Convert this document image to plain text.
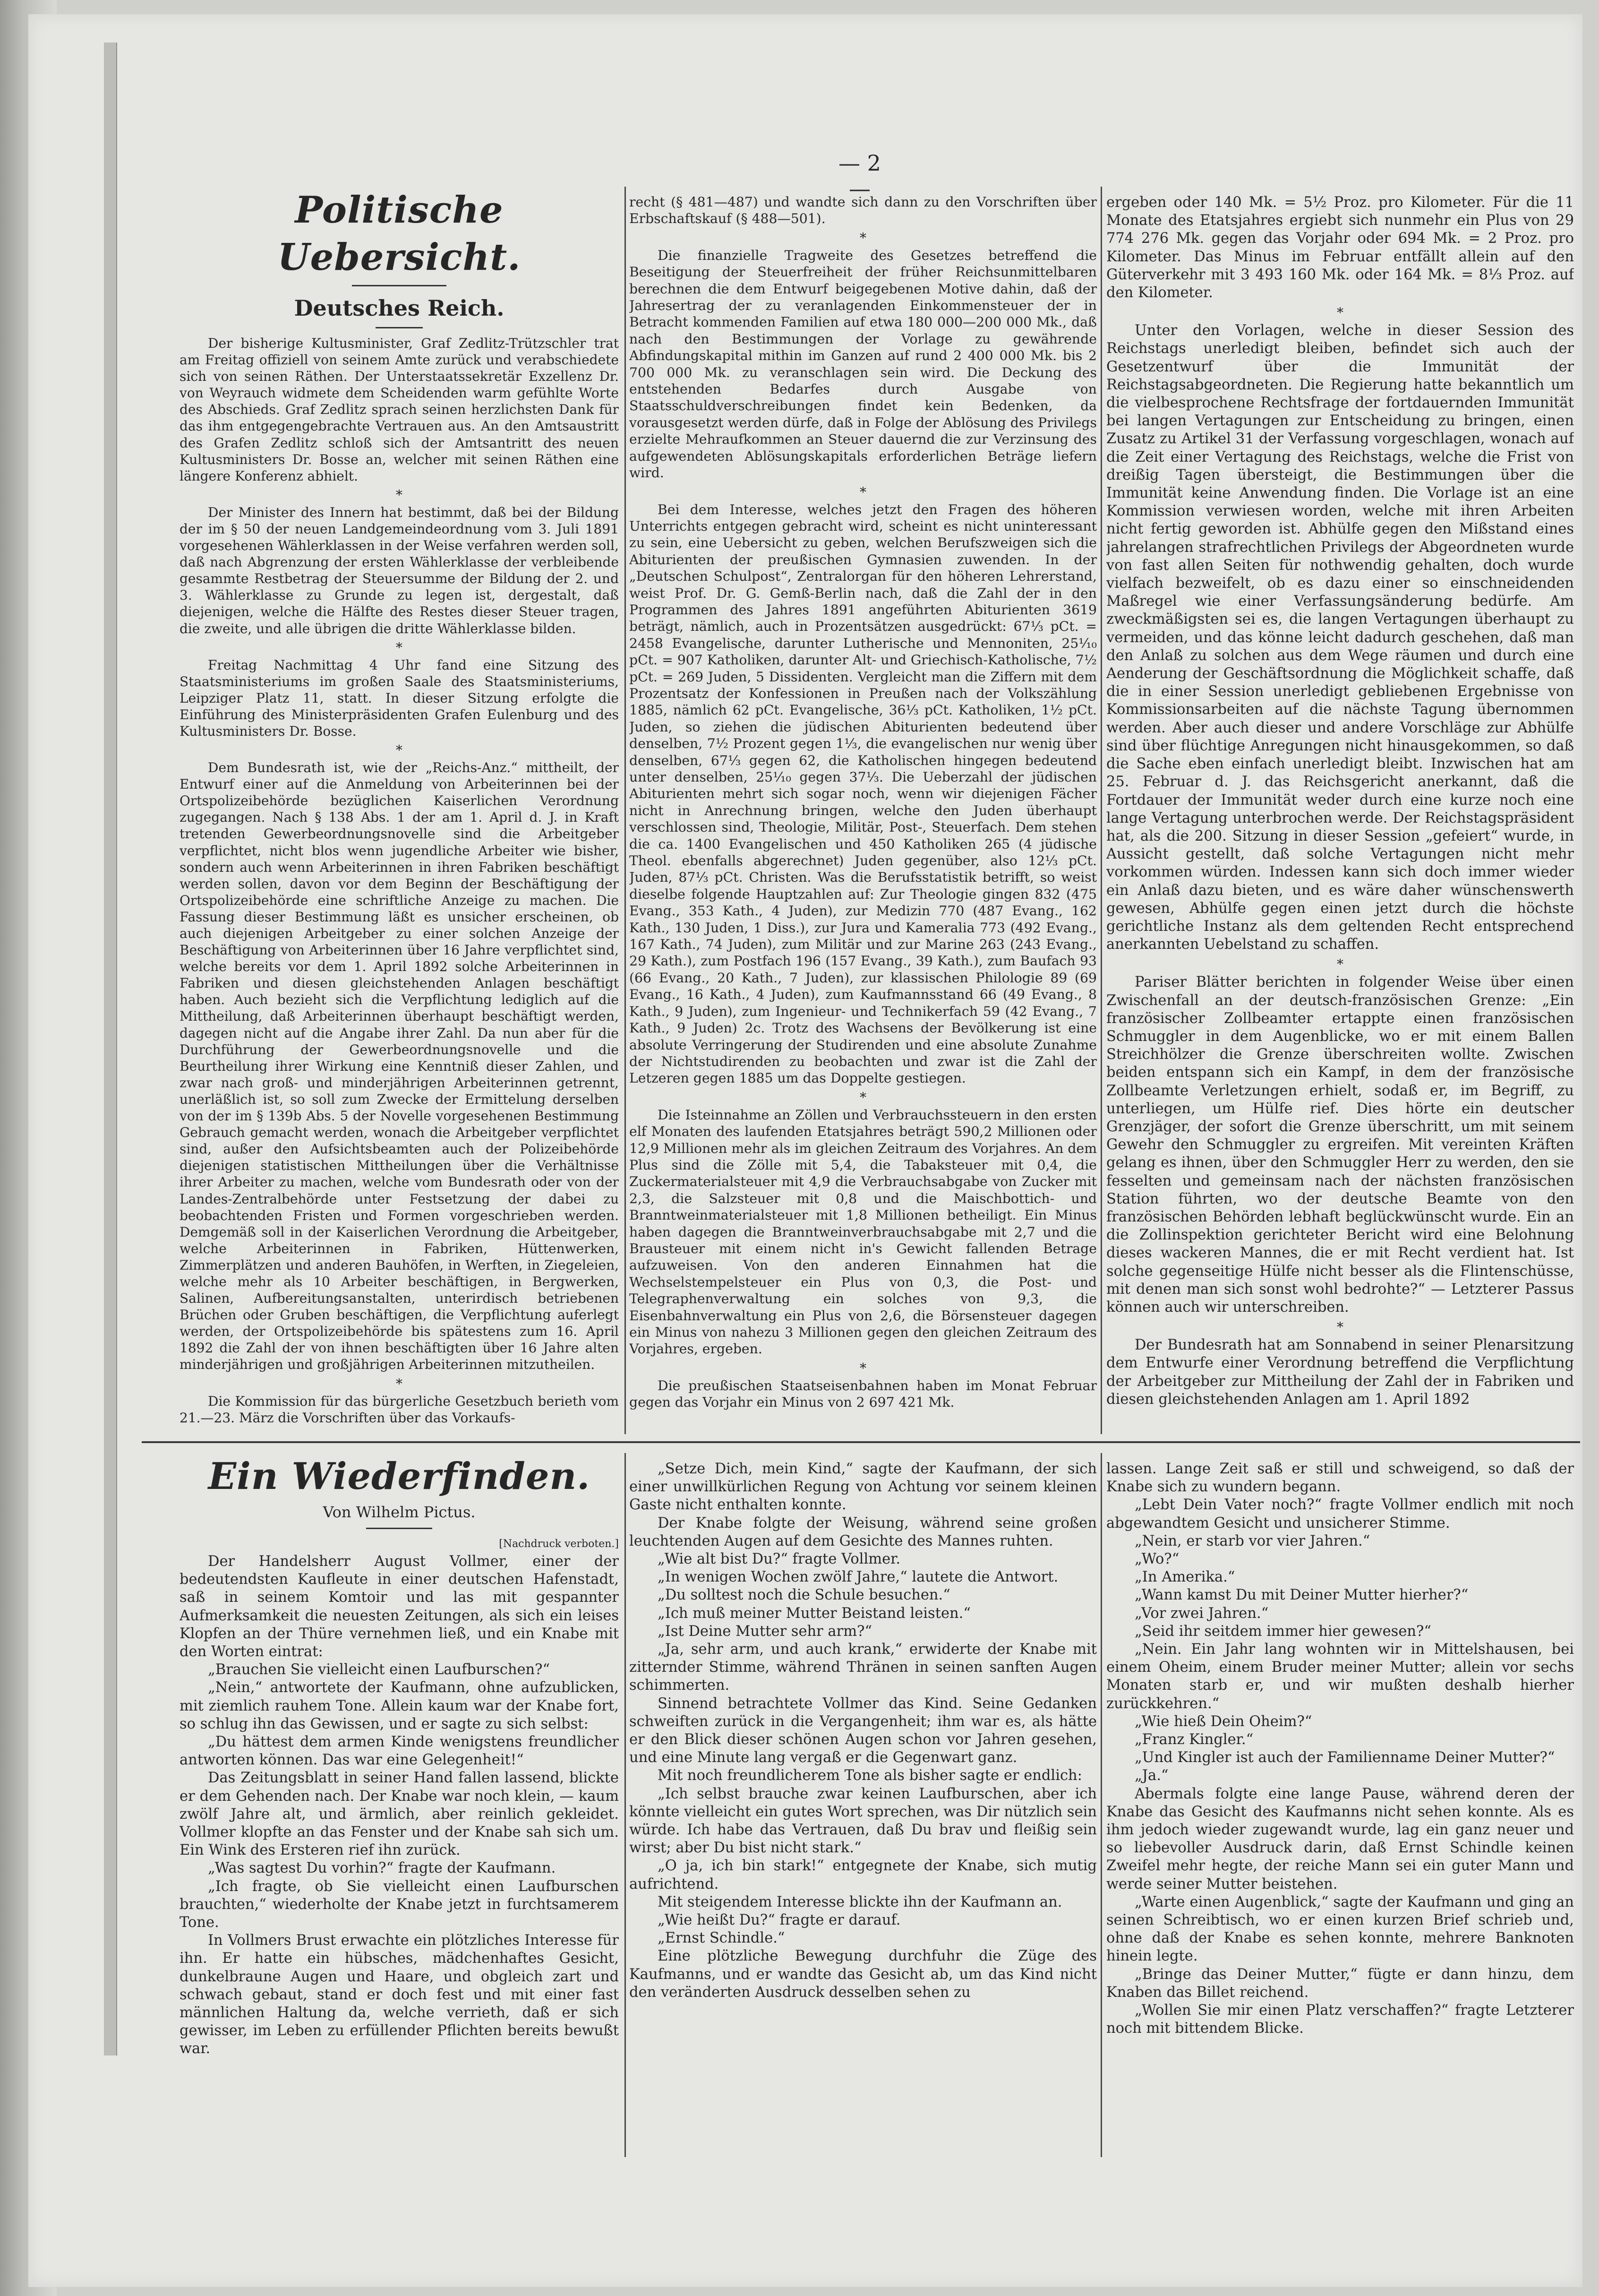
— 2 —
Politische Uebersicht.
Deutsches Reich.

Der bisherige Kultusminister, Graf Zedlitz-Trützschler trat am Freitag offiziell von seinem Amte zurück und verabschiedete sich von seinen Räthen. Der Unterstaatssekretär Exzellenz Dr. von Weyrauch widmete dem Scheidenden warm gefühlte Worte des Abschieds. Graf Zedlitz sprach seinen herzlichsten Dank für das ihm entgegengebrachte Vertrauen aus. An den Amtsaustritt des Grafen Zedlitz schloß sich der Amtsantritt des neuen Kultusministers Dr. Bosse an, welcher mit seinen Räthen eine längere Konferenz abhielt.

*

Der Minister des Innern hat bestimmt, daß bei der Bildung der im § 50 der neuen Landgemeindeordnung vom 3. Juli 1891 vorgesehenen Wählerklassen in der Weise verfahren werden soll, daß nach Abgrenzung der ersten Wählerklasse der verbleibende gesammte Restbetrag der Steuersumme der Bildung der 2. und 3. Wählerklasse zu Grunde zu legen ist, dergestalt, daß diejenigen, welche die Hälfte des Restes dieser Steuer tragen, die zweite, und alle übrigen die dritte Wählerklasse bilden.

*

Freitag Nachmittag 4 Uhr fand eine Sitzung des Staatsministeriums im großen Saale des Staatsministeriums, Leipziger Platz 11, statt. In dieser Sitzung erfolgte die Einführung des Ministerpräsidenten Grafen Eulenburg und des Kultusministers Dr. Bosse.

*

Dem Bundesrath ist, wie der „Reichs-Anz.“ mittheilt, der Entwurf einer auf die Anmeldung von Arbeiterinnen bei der Ortspolizeibehörde bezüglichen Kaiserlichen Verordnung zugegangen. Nach § 138 Abs. 1 der am 1. April d. J. in Kraft tretenden Gewerbeordnungsnovelle sind die Arbeitgeber verpflichtet, nicht blos wenn jugendliche Arbeiter wie bisher, sondern auch wenn Arbeiterinnen in ihren Fabriken beschäftigt werden sollen, davon vor dem Beginn der Beschäftigung der Ortspolizeibehörde eine schriftliche Anzeige zu machen. Die Fassung dieser Bestimmung läßt es unsicher erscheinen, ob auch diejenigen Arbeitgeber zu einer solchen Anzeige der Beschäftigung von Arbeiterinnen über 16 Jahre verpflichtet sind, welche bereits vor dem 1. April 1892 solche Arbeiterinnen in Fabriken und diesen gleichstehenden Anlagen beschäftigt haben. Auch bezieht sich die Verpflichtung lediglich auf die Mittheilung, daß Arbeiterinnen überhaupt beschäftigt werden, dagegen nicht auf die Angabe ihrer Zahl. Da nun aber für die Durchführung der Gewerbeordnungsnovelle und die Beurtheilung ihrer Wirkung eine Kenntniß dieser Zahlen, und zwar nach groß- und minderjährigen Arbeiterinnen getrennt, unerläßlich ist, so soll zum Zwecke der Ermittelung derselben von der im § 139b Abs. 5 der Novelle vorgesehenen Bestimmung Gebrauch gemacht werden, wonach die Arbeitgeber verpflichtet sind, außer den Aufsichtsbeamten auch der Polizeibehörde diejenigen statistischen Mittheilungen über die Verhältnisse ihrer Arbeiter zu machen, welche vom Bundesrath oder von der Landes-Zentralbehörde unter Festsetzung der dabei zu beobachtenden Fristen und Formen vorgeschrieben werden. Demgemäß soll in der Kaiserlichen Verordnung die Arbeitgeber, welche Arbeiterinnen in Fabriken, Hüttenwerken, Zimmerplätzen und anderen Bauhöfen, in Werften, in Ziegeleien, welche mehr als 10 Arbeiter beschäftigen, in Bergwerken, Salinen, Aufbereitungsanstalten, unterirdisch betriebenen Brüchen oder Gruben beschäftigen, die Verpflichtung auferlegt werden, der Ortspolizeibehörde bis spätestens zum 16. April 1892 die Zahl der von ihnen beschäftigten über 16 Jahre alten minderjährigen und großjährigen Arbeiterinnen mitzutheilen.

*

Die Kommission für das bürgerliche Gesetzbuch berieth vom 21.—23. März die Vorschriften über das Vorkaufs-

recht (§ 481—487) und wandte sich dann zu den Vorschriften über Erbschaftskauf (§ 488—501).

*

Die finanzielle Tragweite des Gesetzes betreffend die Beseitigung der Steuerfreiheit der früher Reichsunmittelbaren berechnen die dem Entwurf beigegebenen Motive dahin, daß der Jahresertrag der zu veranlagenden Einkommensteuer der in Betracht kommenden Familien auf etwa 180 000—200 000 Mk., daß nach den Bestimmungen der Vorlage zu gewährende Abfindungskapital mithin im Ganzen auf rund 2 400 000 Mk. bis 2 700 000 Mk. zu veranschlagen sein wird. Die Deckung des entstehenden Bedarfes durch Ausgabe von Staatsschuldverschreibungen findet kein Bedenken, da vorausgesetzt werden dürfe, daß in Folge der Ablösung des Privilegs erzielte Mehraufkommen an Steuer dauernd die zur Verzinsung des aufgewendeten Ablösungskapitals erforderlichen Beträge liefern wird.

*

Bei dem Interesse, welches jetzt den Fragen des höheren Unterrichts entgegen gebracht wird, scheint es nicht uninteressant zu sein, eine Uebersicht zu geben, welchen Berufszweigen sich die Abiturienten der preußischen Gymnasien zuwenden. In der „Deutschen Schulpost“, Zentralorgan für den höheren Lehrerstand, weist Prof. Dr. G. Gemß-Berlin nach, daß die Zahl der in den Programmen des Jahres 1891 angeführten Abiturienten 3619 beträgt, nämlich, auch in Prozentsätzen ausgedrückt: 67⅓ pCt. = 2458 Evangelische, darunter Lutherische und Mennoniten, 25¹⁄₁₀ pCt. = 907 Katholiken, darunter Alt- und Griechisch-Katholische, 7¹⁄₂ pCt. = 269 Juden, 5 Dissidenten. Vergleicht man die Ziffern mit dem Prozentsatz der Konfessionen in Preußen nach der Volkszählung 1885, nämlich 62 pCt. Evangelische, 36⅓ pCt. Katholiken, 1½ pCt. Juden, so ziehen die jüdischen Abiturienten bedeutend über denselben, 7½ Prozent gegen 1⅓, die evangelischen nur wenig über denselben, 67⅓ gegen 62, die Katholischen hingegen bedeutend unter denselben, 25¹⁄₁₀ gegen 37⅓. Die Ueberzahl der jüdischen Abiturienten mehrt sich sogar noch, wenn wir diejenigen Fächer nicht in Anrechnung bringen, welche den Juden überhaupt verschlossen sind, Theologie, Militär, Post-, Steuerfach. Dem stehen die ca. 1400 Evangelischen und 450 Katholiken 265 (4 jüdische Theol. ebenfalls abgerechnet) Juden gegenüber, also 12⅓ pCt. Juden, 87⅓ pCt. Christen. Was die Berufsstatistik betrifft, so weist dieselbe folgende Hauptzahlen auf: Zur Theologie gingen 832 (475 Evang., 353 Kath., 4 Juden), zur Medizin 770 (487 Evang., 162 Kath., 130 Juden, 1 Diss.), zur Jura und Kameralia 773 (492 Evang., 167 Kath., 74 Juden), zum Militär und zur Marine 263 (243 Evang., 29 Kath.), zum Postfach 196 (157 Evang., 39 Kath.), zum Baufach 93 (66 Evang., 20 Kath., 7 Juden), zur klassischen Philologie 89 (69 Evang., 16 Kath., 4 Juden), zum Kaufmannsstand 66 (49 Evang., 8 Kath., 9 Juden), zum Ingenieur- und Technikerfach 59 (42 Evang., 7 Kath., 9 Juden) 2c. Trotz des Wachsens der Bevölkerung ist eine absolute Verringerung der Studirenden und eine absolute Zunahme der Nichtstudirenden zu beobachten und zwar ist die Zahl der Letzeren gegen 1885 um das Doppelte gestiegen.

*

Die Isteinnahme an Zöllen und Verbrauchssteuern in den ersten elf Monaten des laufenden Etatsjahres beträgt 590,2 Millionen oder 12,9 Millionen mehr als im gleichen Zeitraum des Vorjahres. An dem Plus sind die Zölle mit 5,4, die Tabaksteuer mit 0,4, die Zuckermaterialsteuer mit 4,9 die Verbrauchsabgabe von Zucker mit 2,3, die Salzsteuer mit 0,8 und die Maischbottich- und Branntweinmaterialsteuer mit 1,8 Millionen betheiligt. Ein Minus haben dagegen die Branntweinverbrauchsabgabe mit 2,7 und die Brausteuer mit einem nicht in's Gewicht fallenden Betrage aufzuweisen. Von den anderen Einnahmen hat die Wechselstempelsteuer ein Plus von 0,3, die Post- und Telegraphenverwaltung ein solches von 9,3, die Eisenbahnverwaltung ein Plus von 2,6, die Börsensteuer dagegen ein Minus von nahezu 3 Millionen gegen den gleichen Zeitraum des Vorjahres, ergeben.

*

Die preußischen Staatseisenbahnen haben im Monat Februar gegen das Vorjahr ein Minus von 2 697 421 Mk.

ergeben oder 140 Mk. = 5½ Proz. pro Kilometer. Für die 11 Monate des Etatsjahres ergiebt sich nunmehr ein Plus von 29 774 276 Mk. gegen das Vorjahr oder 694 Mk. = 2 Proz. pro Kilometer. Das Minus im Februar entfällt allein auf den Güterverkehr mit 3 493 160 Mk. oder 164 Mk. = 8⅓ Proz. auf den Kilometer.

*

Unter den Vorlagen, welche in dieser Session des Reichstags unerledigt bleiben, befindet sich auch der Gesetzentwurf über die Immunität der Reichstagsabgeordneten. Die Regierung hatte bekanntlich um die vielbesprochene Rechtsfrage der fortdauernden Immunität bei langen Vertagungen zur Entscheidung zu bringen, einen Zusatz zu Artikel 31 der Verfassung vorgeschlagen, wonach auf die Zeit einer Vertagung des Reichstags, welche die Frist von dreißig Tagen übersteigt, die Bestimmungen über die Immunität keine Anwendung finden. Die Vorlage ist an eine Kommission verwiesen worden, welche mit ihren Arbeiten nicht fertig geworden ist. Abhülfe gegen den Mißstand eines jahrelangen strafrechtlichen Privilegs der Abgeordneten wurde von fast allen Seiten für nothwendig gehalten, doch wurde vielfach bezweifelt, ob es dazu einer so einschneidenden Maßregel wie einer Verfassungsänderung bedürfe. Am zweckmäßigsten sei es, die langen Vertagungen überhaupt zu vermeiden, und das könne leicht dadurch geschehen, daß man den Anlaß zu solchen aus dem Wege räumen und durch eine Aenderung der Geschäftsordnung die Möglichkeit schaffe, daß die in einer Session unerledigt gebliebenen Ergebnisse von Kommissionsarbeiten auf die nächste Tagung übernommen werden. Aber auch dieser und andere Vorschläge zur Abhülfe sind über flüchtige Anregungen nicht hinausgekommen, so daß die Sache eben einfach unerledigt bleibt. Inzwischen hat am 25. Februar d. J. das Reichsgericht anerkannt, daß die Fortdauer der Immunität weder durch eine kurze noch eine lange Vertagung unterbrochen werde. Der Reichstagspräsident hat, als die 200. Sitzung in dieser Session „gefeiert“ wurde, in Aussicht gestellt, daß solche Vertagungen nicht mehr vorkommen würden. Indessen kann sich doch immer wieder ein Anlaß dazu bieten, und es wäre daher wünschenswerth gewesen, Abhülfe gegen einen jetzt durch die höchste gerichtliche Instanz als dem geltenden Recht entsprechend anerkannten Uebelstand zu schaffen.

*

Pariser Blätter berichten in folgender Weise über einen Zwischenfall an der deutsch-französischen Grenze: „Ein französischer Zollbeamter ertappte einen französischen Schmuggler in dem Augenblicke, wo er mit einem Ballen Streichhölzer die Grenze überschreiten wollte. Zwischen beiden entspann sich ein Kampf, in dem der französische Zollbeamte Verletzungen erhielt, sodaß er, im Begriff, zu unterliegen, um Hülfe rief. Dies hörte ein deutscher Grenzjäger, der sofort die Grenze überschritt, um mit seinem Gewehr den Schmuggler zu ergreifen. Mit vereinten Kräften gelang es ihnen, über den Schmuggler Herr zu werden, den sie fesselten und gemeinsam nach der nächsten französischen Station führten, wo der deutsche Beamte von den französischen Behörden lebhaft beglückwünscht wurde. Ein an die Zollinspektion gerichteter Bericht wird eine Belohnung dieses wackeren Mannes, die er mit Recht verdient hat. Ist solche gegenseitige Hülfe nicht besser als die Flintenschüsse, mit denen man sich sonst wohl bedrohte?“ — Letzterer Passus können auch wir unterschreiben.

*

Der Bundesrath hat am Sonnabend in seiner Plenarsitzung dem Entwurfe einer Verordnung betreffend die Verpflichtung der Arbeitgeber zur Mittheilung der Zahl der in Fabriken und diesen gleichstehenden Anlagen am 1. April 1892

Ein Wiederfinden.
Von Wilhelm Pictus.
[Nachdruck verboten.]

Der Handelsherr August Vollmer, einer der bedeutendsten Kaufleute in einer deutschen Hafenstadt, saß in seinem Komtoir und las mit gespannter Aufmerksamkeit die neuesten Zeitungen, als sich ein leises Klopfen an der Thüre vernehmen ließ, und ein Knabe mit den Worten eintrat:

„Brauchen Sie vielleicht einen Laufburschen?“

„Nein,“ antwortete der Kaufmann, ohne aufzublicken, mit ziemlich rauhem Tone. Allein kaum war der Knabe fort, so schlug ihn das Gewissen, und er sagte zu sich selbst:

„Du hättest dem armen Kinde wenigstens freundlicher antworten können. Das war eine Gelegenheit!“

Das Zeitungsblatt in seiner Hand fallen lassend, blickte er dem Gehenden nach. Der Knabe war noch klein, — kaum zwölf Jahre alt, und ärmlich, aber reinlich gekleidet. Vollmer klopfte an das Fenster und der Knabe sah sich um. Ein Wink des Ersteren rief ihn zurück.

„Was sagtest Du vorhin?“ fragte der Kaufmann.

„Ich fragte, ob Sie vielleicht einen Laufburschen brauchten,“ wiederholte der Knabe jetzt in furchtsamerem Tone.

In Vollmers Brust erwachte ein plötzliches Interesse für ihn. Er hatte ein hübsches, mädchenhaftes Gesicht, dunkelbraune Augen und Haare, und obgleich zart und schwach gebaut, stand er doch fest und mit einer fast männlichen Haltung da, welche verrieth, daß er sich gewisser, im Leben zu erfüllender Pflichten bereits bewußt war.

„Setze Dich, mein Kind,“ sagte der Kaufmann, der sich einer unwillkürlichen Regung von Achtung vor seinem kleinen Gaste nicht enthalten konnte.

Der Knabe folgte der Weisung, während seine großen leuchtenden Augen auf dem Gesichte des Mannes ruhten.

„Wie alt bist Du?“ fragte Vollmer.

„In wenigen Wochen zwölf Jahre,“ lautete die Antwort.

„Du solltest noch die Schule besuchen.“

„Ich muß meiner Mutter Beistand leisten.“

„Ist Deine Mutter sehr arm?“

„Ja, sehr arm, und auch krank,“ erwiderte der Knabe mit zitternder Stimme, während Thränen in seinen sanften Augen schimmerten.

Sinnend betrachtete Vollmer das Kind. Seine Gedanken schweiften zurück in die Vergangenheit; ihm war es, als hätte er den Blick dieser schönen Augen schon vor Jahren gesehen, und eine Minute lang vergaß er die Gegenwart ganz.

Mit noch freundlicherem Tone als bisher sagte er endlich:

„Ich selbst brauche zwar keinen Laufburschen, aber ich könnte vielleicht ein gutes Wort sprechen, was Dir nützlich sein würde. Ich habe das Vertrauen, daß Du brav und fleißig sein wirst; aber Du bist nicht stark.“

„O ja, ich bin stark!“ entgegnete der Knabe, sich mutig aufrichtend.

Mit steigendem Interesse blickte ihn der Kaufmann an.

„Wie heißt Du?“ fragte er darauf.

„Ernst Schindle.“

Eine plötzliche Bewegung durchfuhr die Züge des Kaufmanns, und er wandte das Gesicht ab, um das Kind nicht den veränderten Ausdruck desselben sehen zu

lassen. Lange Zeit saß er still und schweigend, so daß der Knabe sich zu wundern begann.

„Lebt Dein Vater noch?“ fragte Vollmer endlich mit noch abgewandtem Gesicht und unsicherer Stimme.

„Nein, er starb vor vier Jahren.“

„Wo?“

„In Amerika.“

„Wann kamst Du mit Deiner Mutter hierher?“

„Vor zwei Jahren.“

„Seid ihr seitdem immer hier gewesen?“

„Nein. Ein Jahr lang wohnten wir in Mittelshausen, bei einem Oheim, einem Bruder meiner Mutter; allein vor sechs Monaten starb er, und wir mußten deshalb hierher zurückkehren.“

„Wie hieß Dein Oheim?“

„Franz Kingler.“

„Und Kingler ist auch der Familienname Deiner Mutter?“

„Ja.“

Abermals folgte eine lange Pause, während deren der Knabe das Gesicht des Kaufmanns nicht sehen konnte. Als es ihm jedoch wieder zugewandt wurde, lag ein ganz neuer und so liebevoller Ausdruck darin, daß Ernst Schindle keinen Zweifel mehr hegte, der reiche Mann sei ein guter Mann und werde seiner Mutter beistehen.

„Warte einen Augenblick,“ sagte der Kaufmann und ging an seinen Schreibtisch, wo er einen kurzen Brief schrieb und, ohne daß der Knabe es sehen konnte, mehrere Banknoten hinein legte.

„Bringe das Deiner Mutter,“ fügte er dann hinzu, dem Knaben das Billet reichend.

„Wollen Sie mir einen Platz verschaffen?“ fragte Letzterer noch mit bittendem Blicke.
